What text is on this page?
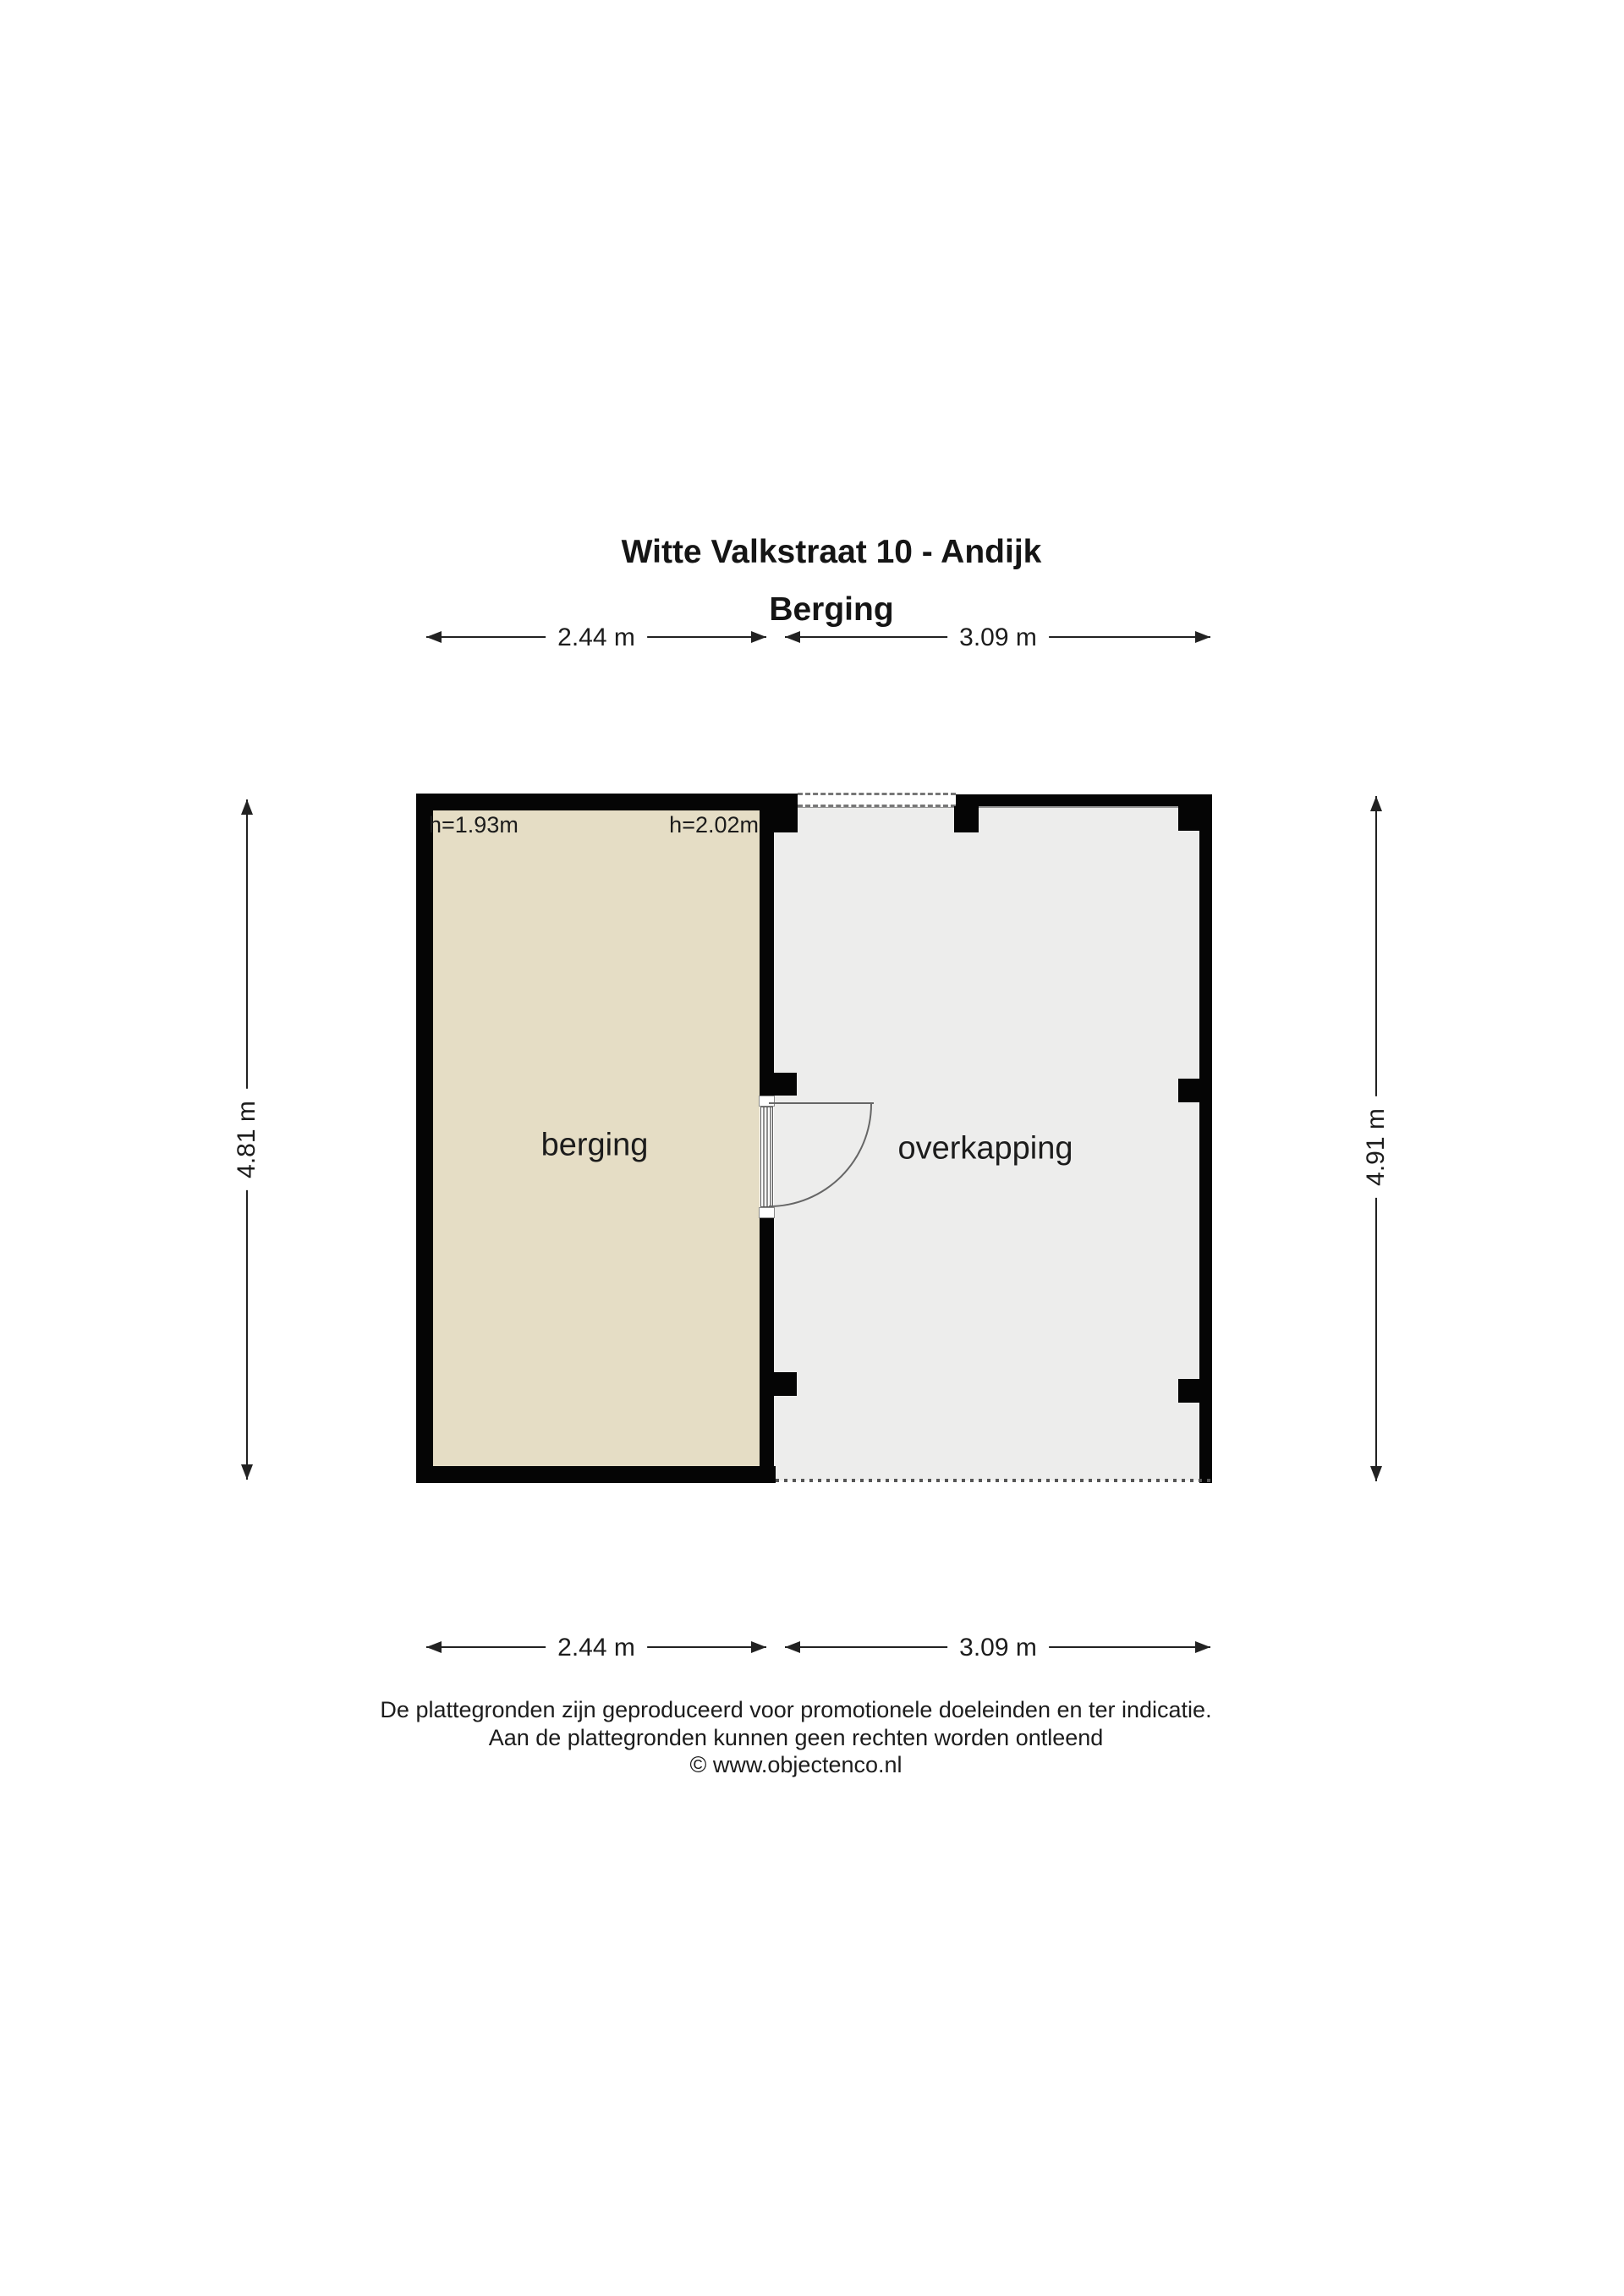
Witte Valkstraat 10 - Andijk
Berging
2.44 m	3.09 m
berging	overkapping
h=1.93m	h=2.02m
2.44 m	3.09 m
4.81 m	4.91 m
De plattegronden zijn geproduceerd voor promotionele doeleinden en ter indicatie.
Aan de plattegronden kunnen geen rechten worden ontleend
© www.objectenco.nl
